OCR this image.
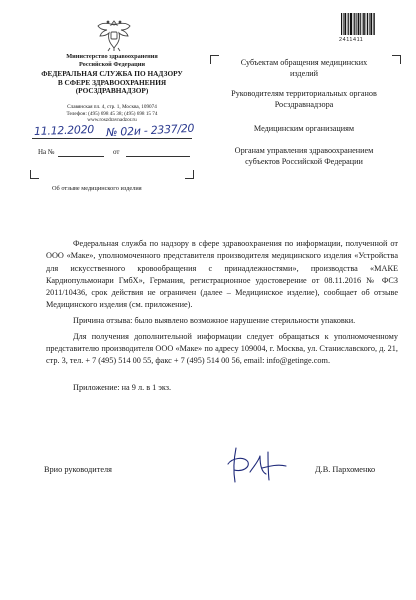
Министерство здравоохранения
Российской Федерации
ФЕДЕРАЛЬНАЯ СЛУЖБА ПО НАДЗОРУ
В СФЕРЕ ЗДРАВООХРАНЕНИЯ
(РОСЗДРАВНАДЗОР)
Славянская пл. 4, стр. 1, Москва, 109074
Телефон: (495) 698 45 38; (495) 698 15 74
www.roszdravnadzor.ru
11.12.2020 № 02и - 2337/20
На №	от
Об отзыве медицинского изделия
2411411
Субъектам обращения медицинских
изделий
Руководителям территориальных органов
Росздравнадзора
Медицинским организациям
Органам управления здравоохранением
субъектов Российской Федерации

Федеральная служба по надзору в сфере здравоохранения по информации, полученной от ООО «Маке», уполномоченного представителя производителя медицинского изделия «Устройства для искусственного кровообращения с принадлежностями», производства «МАКЕ Кардиопульмонари ГмбХ», Германия, регистрационное удостоверение от 08.11.2016 № ФСЗ 2011/10436, срок действия не ограничен (далее – Медицинское изделие), сообщает об отзыве Медицинского изделия (см. приложение).

Причина отзыва: было выявлено возможное нарушение стерильности упаковки.

Для получения дополнительной информации следует обращаться к уполномоченному представителю производителя ООО «Маке» по адресу 109004, г. Москва, ул. Станиславского, д. 21, стр. 3, тел. + 7 (495) 514 00 55, факс + 7 (495) 514 00 56, email: info@getinge.com.

Приложение: на 9 л. в 1 экз.

Врио руководителя	Д.В. Пархоменко
